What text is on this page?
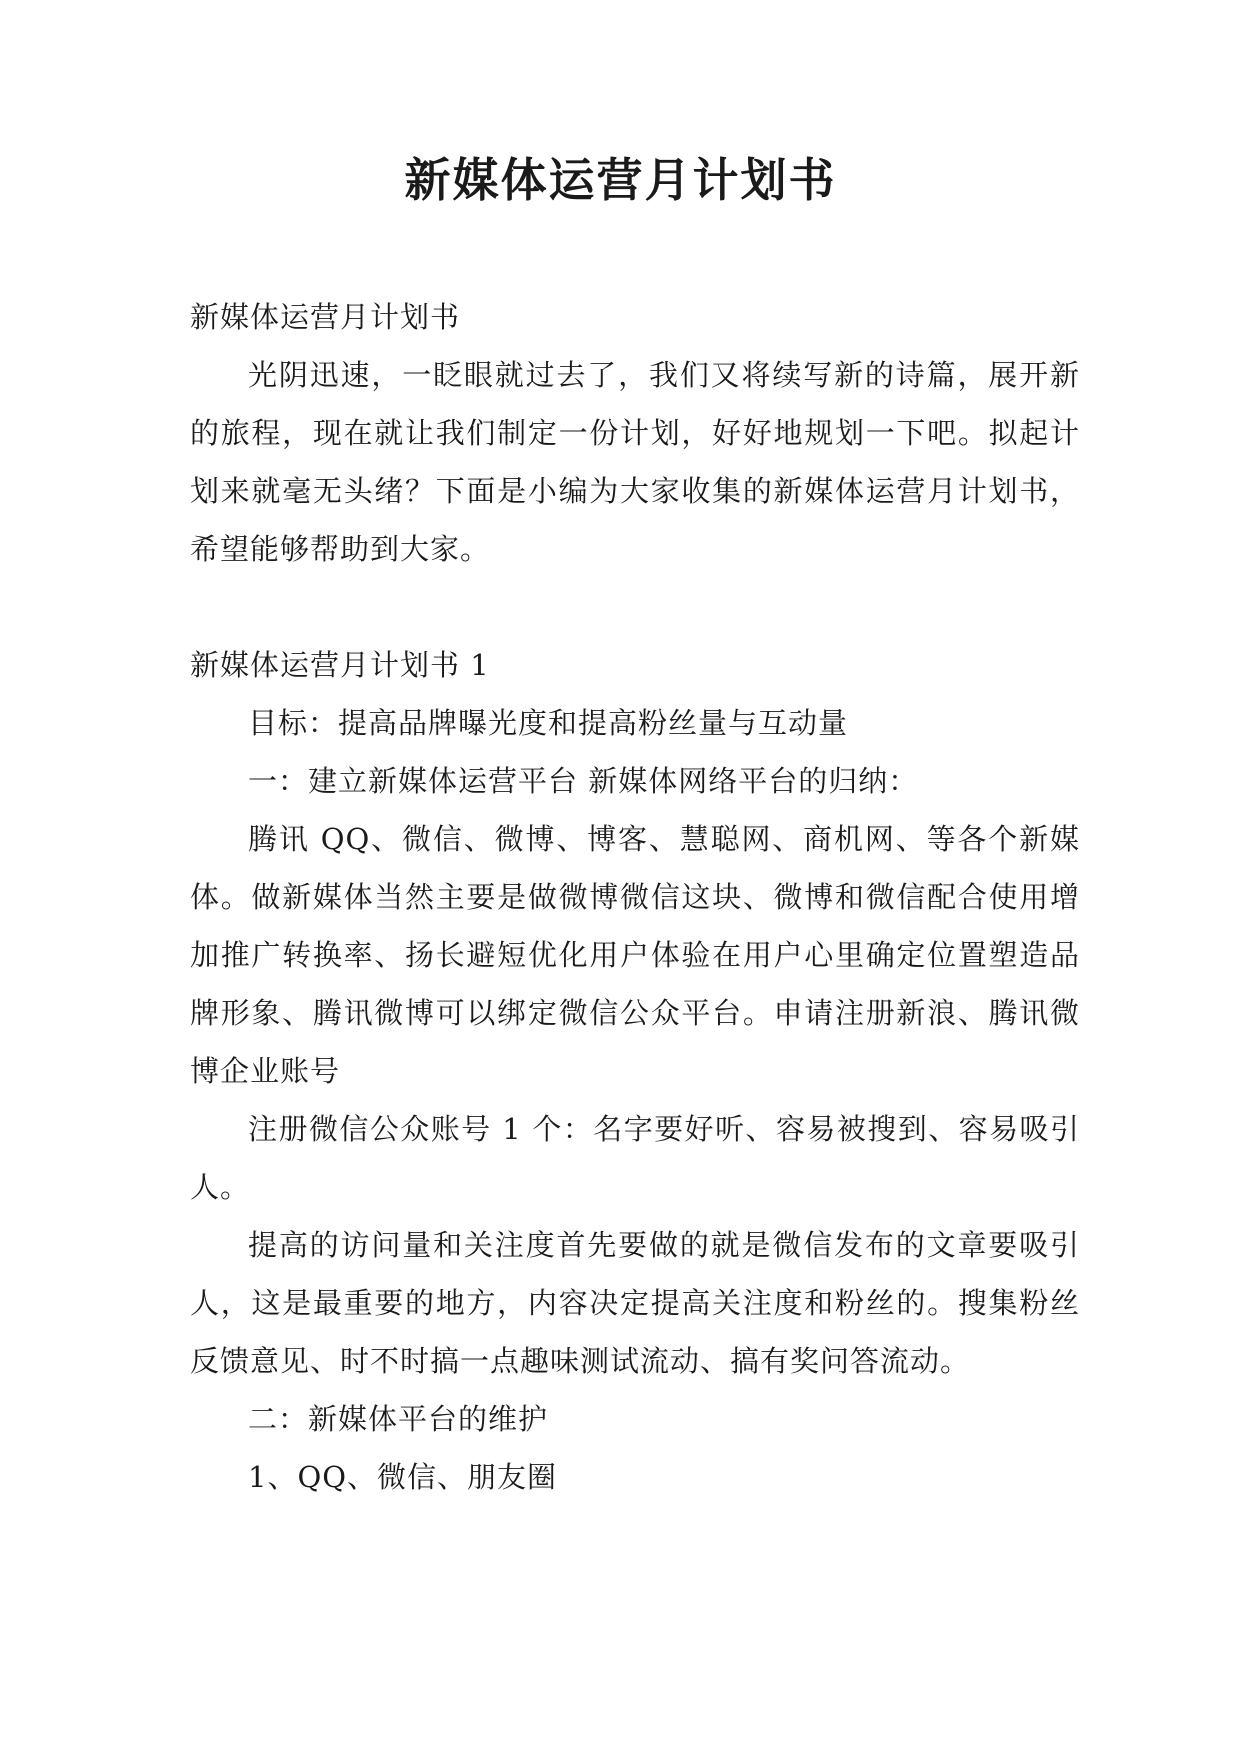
新媒体运营月计划书

新媒体运营月计划书

光阴迅速，一眨眼就过去了，我们又将续写新的诗篇，展开新的旅程，现在就让我们制定一份计划，好好地规划一下吧。拟起计划来就毫无头绪？下面是小编为大家收集的新媒体运营月计划书，希望能够帮助到大家。

新媒体运营月计划书 1

目标：提高品牌曝光度和提高粉丝量与互动量

一：建立新媒体运营平台 新媒体网络平台的归纳：

腾讯 QQ、微信、微博、博客、慧聪网、商机网、等各个新媒体。做新媒体当然主要是做微博微信这块、微博和微信配合使用增加推广转换率、扬长避短优化用户体验在用户心里确定位置塑造品牌形象、腾讯微博可以绑定微信公众平台。申请注册新浪、腾讯微博企业账号

注册微信公众账号 1 个：名字要好听、容易被搜到、容易吸引人。

提高的访问量和关注度首先要做的就是微信发布的文章要吸引人，这是最重要的地方，内容决定提高关注度和粉丝的。搜集粉丝反馈意见、时不时搞一点趣味测试流动、搞有奖问答流动。

二：新媒体平台的维护

1、QQ、微信、朋友圈
